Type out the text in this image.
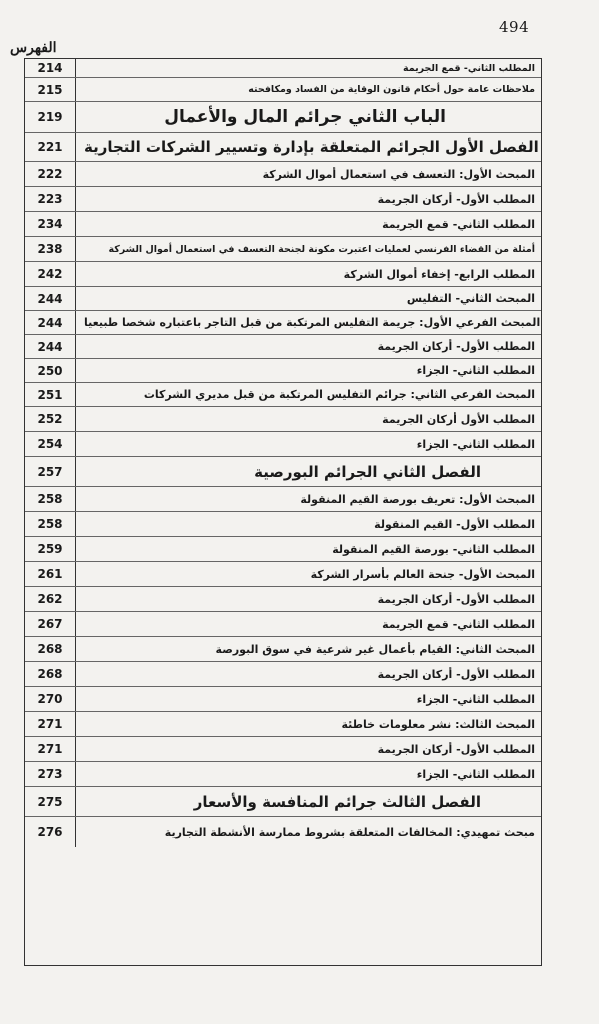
494
الفهرس
214	المطلب الثاني- قمع الجريمة
215	ملاحظات عامة حول أحكام قانون الوقاية من الفساد ومكافحته
219	الباب الثاني جرائم المال والأعمال
221	الفصل الأول الجرائم المتعلقة بإدارة وتسيير الشركات التجارية
222	المبحث الأول: التعسف في استعمال أموال الشركة
223	المطلب الأول- أركان الجريمة
234	المطلب الثاني- قمع الجريمة
238	أمثلة من القضاء الفرنسي لعمليات اعتبرت مكونة لجنحة التعسف في استعمال أموال الشركة
242	المطلب الرابع- إخفاء أموال الشركة
244	المبحث الثاني- التفليس
244	المبحث الفرعي الأول: جريمة التفليس المرتكبة من قبل التاجر باعتباره شخصا طبيعيا
244	المطلب الأول- أركان الجريمة
250	المطلب الثاني- الجزاء
251	المبحث الفرعي الثاني: جرائم التفليس المرتكبة من قبل مديري الشركات
252	المطلب الأول أركان الجريمة
254	المطلب الثاني- الجزاء
257	الفصل الثاني الجرائم البورصية
258	المبحث الأول: تعريف بورصة القيم المنقولة
258	المطلب الأول- القيم المنقولة
259	المطلب الثاني- بورصة القيم المنقولة
261	المبحث الأول- جنحة العالم بأسرار الشركة
262	المطلب الأول- أركان الجريمة
267	المطلب الثاني- قمع الجريمة
268	المبحث الثاني: القيام بأعمال غير شرعية في سوق البورصة
268	المطلب الأول- أركان الجريمة
270	المطلب الثاني- الجزاء
271	المبحث الثالث: نشر معلومات خاطئة
271	المطلب الأول- أركان الجريمة
273	المطلب الثاني- الجزاء
275	الفصل الثالث جرائم المنافسة والأسعار
276	مبحث تمهيدي: المخالفات المتعلقة بشروط ممارسة الأنشطة التجارية
